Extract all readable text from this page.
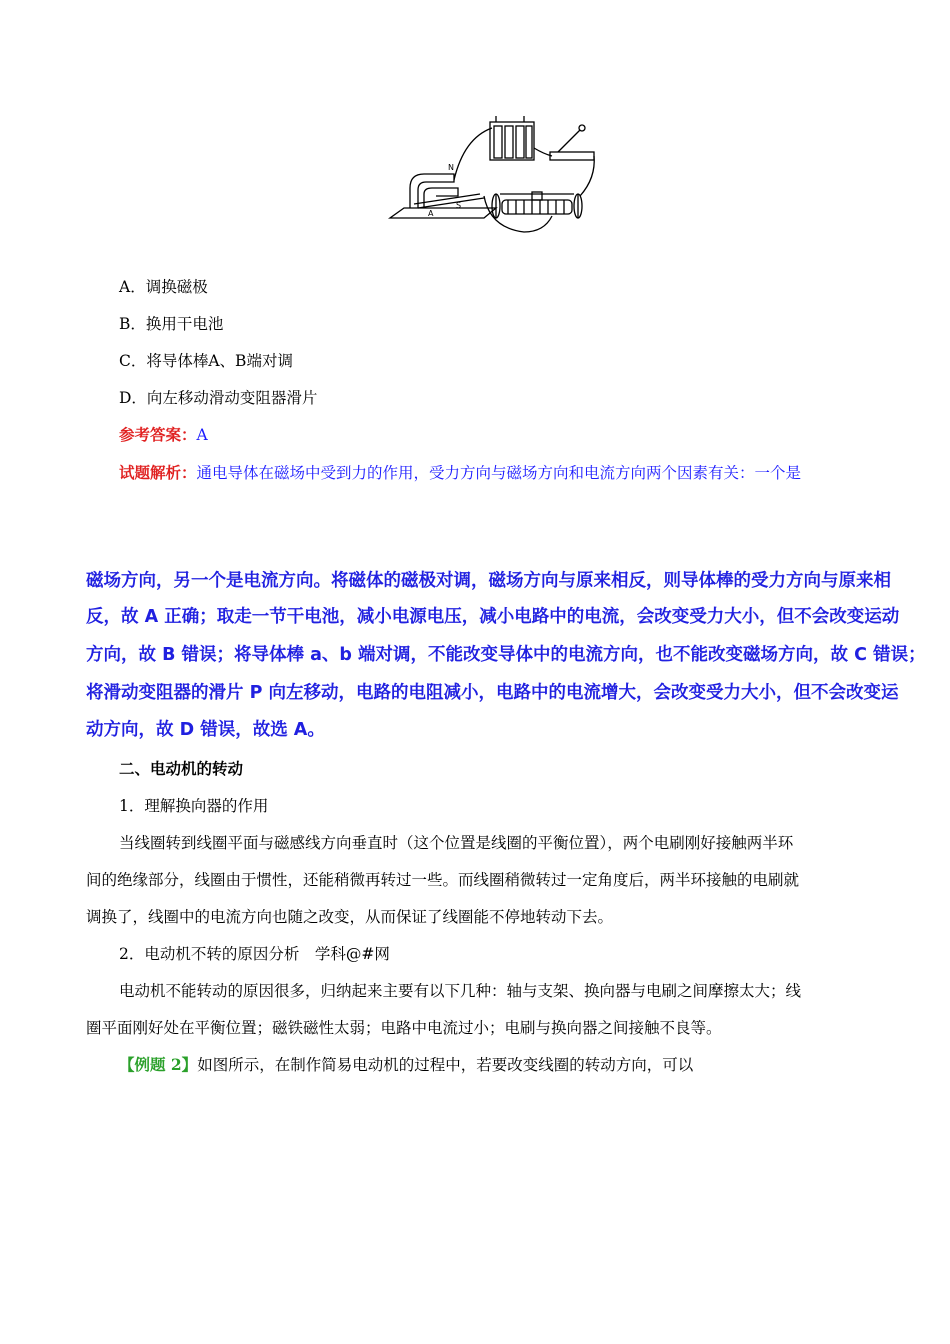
N
S
A
A．调换磁极
B．换用干电池
C．将导体棒A、B端对调
D．向左移动滑动变阻器滑片
参考答案：A
试题解析：通电导体在磁场中受到力的作用，受力方向与磁场方向和电流方向两个因素有关：一个是
磁场方向，另一个是电流方向。将磁体的磁极对调，磁场方向与原来相反，则导体棒的受力方向与原来相
反，故 A 正确；取走一节干电池，减小电源电压，减小电路中的电流，会改变受力大小，但不会改变运动
方向，故 B 错误；将导体棒 a、b 端对调，不能改变导体中的电流方向，也不能改变磁场方向，故 C 错误；
将滑动变阻器的滑片 P 向左移动，电路的电阻减小，电路中的电流增大，会改变受力大小，但不会改变运
动方向，故 D 错误，故选 A。
二、电动机的转动
1．理解换向器的作用
当线圈转到线圈平面与磁感线方向垂直时（这个位置是线圈的平衡位置），两个电刷刚好接触两半环
间的绝缘部分，线圈由于惯性，还能稍微再转过一些。而线圈稍微转过一定角度后，两半环接触的电刷就
调换了，线圈中的电流方向也随之改变，从而保证了线圈能不停地转动下去。
2．电动机不转的原因分析　学科@#网
电动机不能转动的原因很多，归纳起来主要有以下几种：轴与支架、换向器与电刷之间摩擦太大；线
圈平面刚好处在平衡位置；磁铁磁性太弱；电路中电流过小；电刷与换向器之间接触不良等。
【例题 2】如图所示，在制作简易电动机的过程中，若要改变线圈的转动方向，可以
